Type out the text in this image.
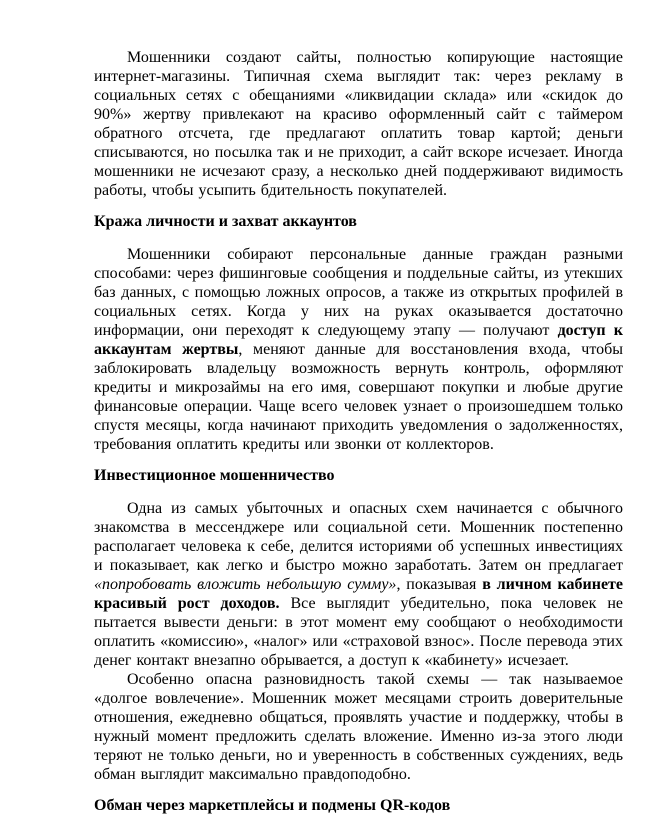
Мошенники создают сайты, полностью копирующие настоящие интернет-магазины. Типичная схема выглядит так: через рекламу в социальных сетях с обещаниями «ликвидации склада» или «скидок до 90%» жертву привлекают на красиво оформленный сайт с таймером обратного отсчета, где предлагают оплатить товар картой; деньги списываются, но посылка так и не приходит, а сайт вскоре исчезает. Иногда мошенники не исчезают сразу, а несколько дней поддерживают видимость работы, чтобы усыпить бдительность покупателей.

Кража личности и захват аккаунтов

Мошенники собирают персональные данные граждан разными способами: через фишинговые сообщения и поддельные сайты, из утекших баз данных, с помощью ложных опросов, а также из открытых профилей в социальных сетях. Когда у них на руках оказывается достаточно информации, они переходят к следующему этапу — получают доступ к аккаунтам жертвы, меняют данные для восстановления входа, чтобы заблокировать владельцу возможность вернуть контроль, оформляют кредиты и микрозаймы на его имя, совершают покупки и любые другие финансовые операции. Чаще всего человек узнает о произошедшем только спустя месяцы, когда начинают приходить уведомления о задолженностях, требования оплатить кредиты или звонки от коллекторов.

Инвестиционное мошенничество

Одна из самых убыточных и опасных схем начинается с обычного знакомства в мессенджере или социальной сети. Мошенник постепенно располагает человека к себе, делится историями об успешных инвестициях и показывает, как легко и быстро можно заработать. Затем он предлагает «попробовать вложить небольшую сумму», показывая в личном кабинете красивый рост доходов. Все выглядит убедительно, пока человек не пытается вывести деньги: в этот момент ему сообщают о необходимости оплатить «комиссию», «налог» или «страховой взнос». После перевода этих денег контакт внезапно обрывается, а доступ к «кабинету» исчезает.

Особенно опасна разновидность такой схемы — так называемое «долгое вовлечение». Мошенник может месяцами строить доверительные отношения, ежедневно общаться, проявлять участие и поддержку, чтобы в нужный момент предложить сделать вложение. Именно из-за этого люди теряют не только деньги, но и уверенность в собственных суждениях, ведь обман выглядит максимально правдоподобно.

Обман через маркетплейсы и подмены QR-кодов
